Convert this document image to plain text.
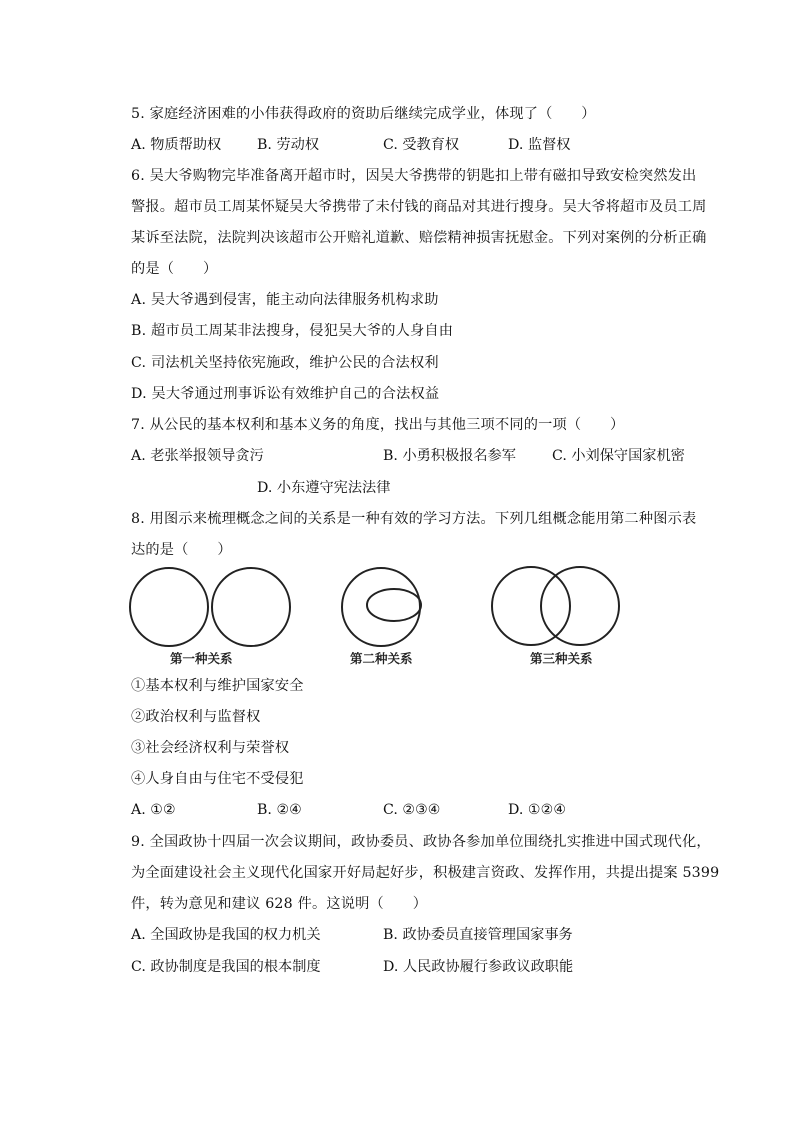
5. 家庭经济困难的小伟获得政府的资助后继续完成学业，体现了（　　）
A. 物质帮助权	B. 劳动权	C. 受教育权	D. 监督权
6. 吴大爷购物完毕准备离开超市时，因吴大爷携带的钥匙扣上带有磁扣导致安检突然发出
警报。超市员工周某怀疑吴大爷携带了未付钱的商品对其进行搜身。吴大爷将超市及员工周
某诉至法院，法院判决该超市公开赔礼道歉、赔偿精神损害抚慰金。下列对案例的分析正确
的是（　　）
A. 吴大爷遇到侵害，能主动向法律服务机构求助
B. 超市员工周某非法搜身，侵犯吴大爷的人身自由
C. 司法机关坚持依宪施政，维护公民的合法权利
D. 吴大爷通过刑事诉讼有效维护自己的合法权益
7. 从公民的基本权利和基本义务的角度，找出与其他三项不同的一项（　　）
A. 老张举报领导贪污	B. 小勇积极报名参军	C. 小刘保守国家机密
D. 小东遵守宪法法律
8. 用图示来梳理概念之间的关系是一种有效的学习方法。下列几组概念能用第二种图示表
达的是（　　）
第一种关系	第二种关系	第三种关系
①基本权利与维护国家安全
②政治权利与监督权
③社会经济权利与荣誉权
④人身自由与住宅不受侵犯
A. ①②	B. ②④	C. ②③④	D. ①②④
9. 全国政协十四届一次会议期间，政协委员、政协各参加单位围绕扎实推进中国式现代化，
为全面建设社会主义现代化国家开好局起好步，积极建言资政、发挥作用，共提出提案 5399
件，转为意见和建议 628 件。这说明（　　）
A. 全国政协是我国的权力机关	B. 政协委员直接管理国家事务
C. 政协制度是我国的根本制度	D. 人民政协履行参政议政职能
